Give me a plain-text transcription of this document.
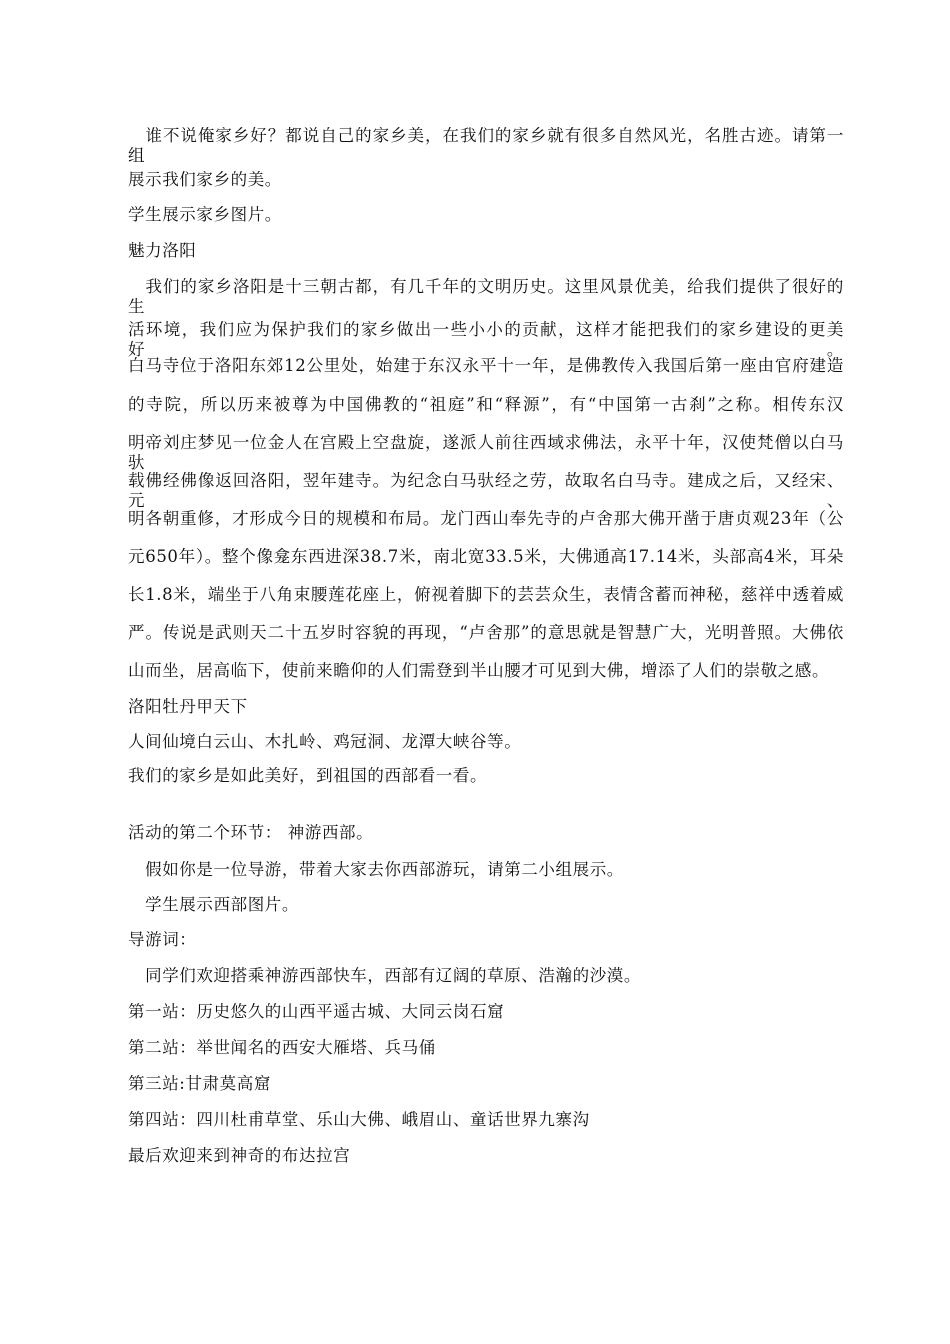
　谁不说俺家乡好？都说自己的家乡美，在我们的家乡就有很多自然风光，名胜古迹。请第一组
展示我们家乡的美。
学生展示家乡图片。
魅力洛阳
　我们的家乡洛阳是十三朝古都，有几千年的文明历史。这里风景优美，给我们提供了很好的生
活环境，我们应为保护我们的家乡做出一些小小的贡献，这样才能把我们的家乡建设的更美好。
白马寺位于洛阳东郊12公里处，始建于东汉永平十一年，是佛教传入我国后第一座由官府建造
的寺院，所以历来被尊为中国佛教的“祖庭”和“释源”，有“中国第一古刹”之称。相传东汉
明帝刘庄梦见一位金人在宫殿上空盘旋，遂派人前往西域求佛法，永平十年，汉使梵僧以白马驮
载佛经佛像返回洛阳，翌年建寺。为纪念白马驮经之劳，故取名白马寺。建成之后，又经宋、元、
明各朝重修，才形成今日的规模和布局。龙门西山奉先寺的卢舍那大佛开凿于唐贞观23年（公
元650年）。整个像龛东西进深38.7米，南北宽33.5米，大佛通高17.14米，头部高4米，耳朵
长1.8米，端坐于八角束腰莲花座上，俯视着脚下的芸芸众生，表情含蓄而神秘，慈祥中透着威
严。传说是武则天二十五岁时容貌的再现，“卢舍那”的意思就是智慧广大，光明普照。大佛依
山而坐，居高临下，使前来瞻仰的人们需登到半山腰才可见到大佛，增添了人们的崇敬之感。
洛阳牡丹甲天下
人间仙境白云山、木扎岭、鸡冠洞、龙潭大峡谷等。
我们的家乡是如此美好，到祖国的西部看一看。
活动的第二个环节： 神游西部。
　假如你是一位导游，带着大家去你西部游玩，请第二小组展示。
　学生展示西部图片。
导游词：
　同学们欢迎搭乘神游西部快车，西部有辽阔的草原、浩瀚的沙漠。
第一站：历史悠久的山西平遥古城、大同云岗石窟
第二站：举世闻名的西安大雁塔、兵马俑
第三站:甘肃莫高窟
第四站：四川杜甫草堂、乐山大佛、峨眉山、童话世界九寨沟
最后欢迎来到神奇的布达拉宫
